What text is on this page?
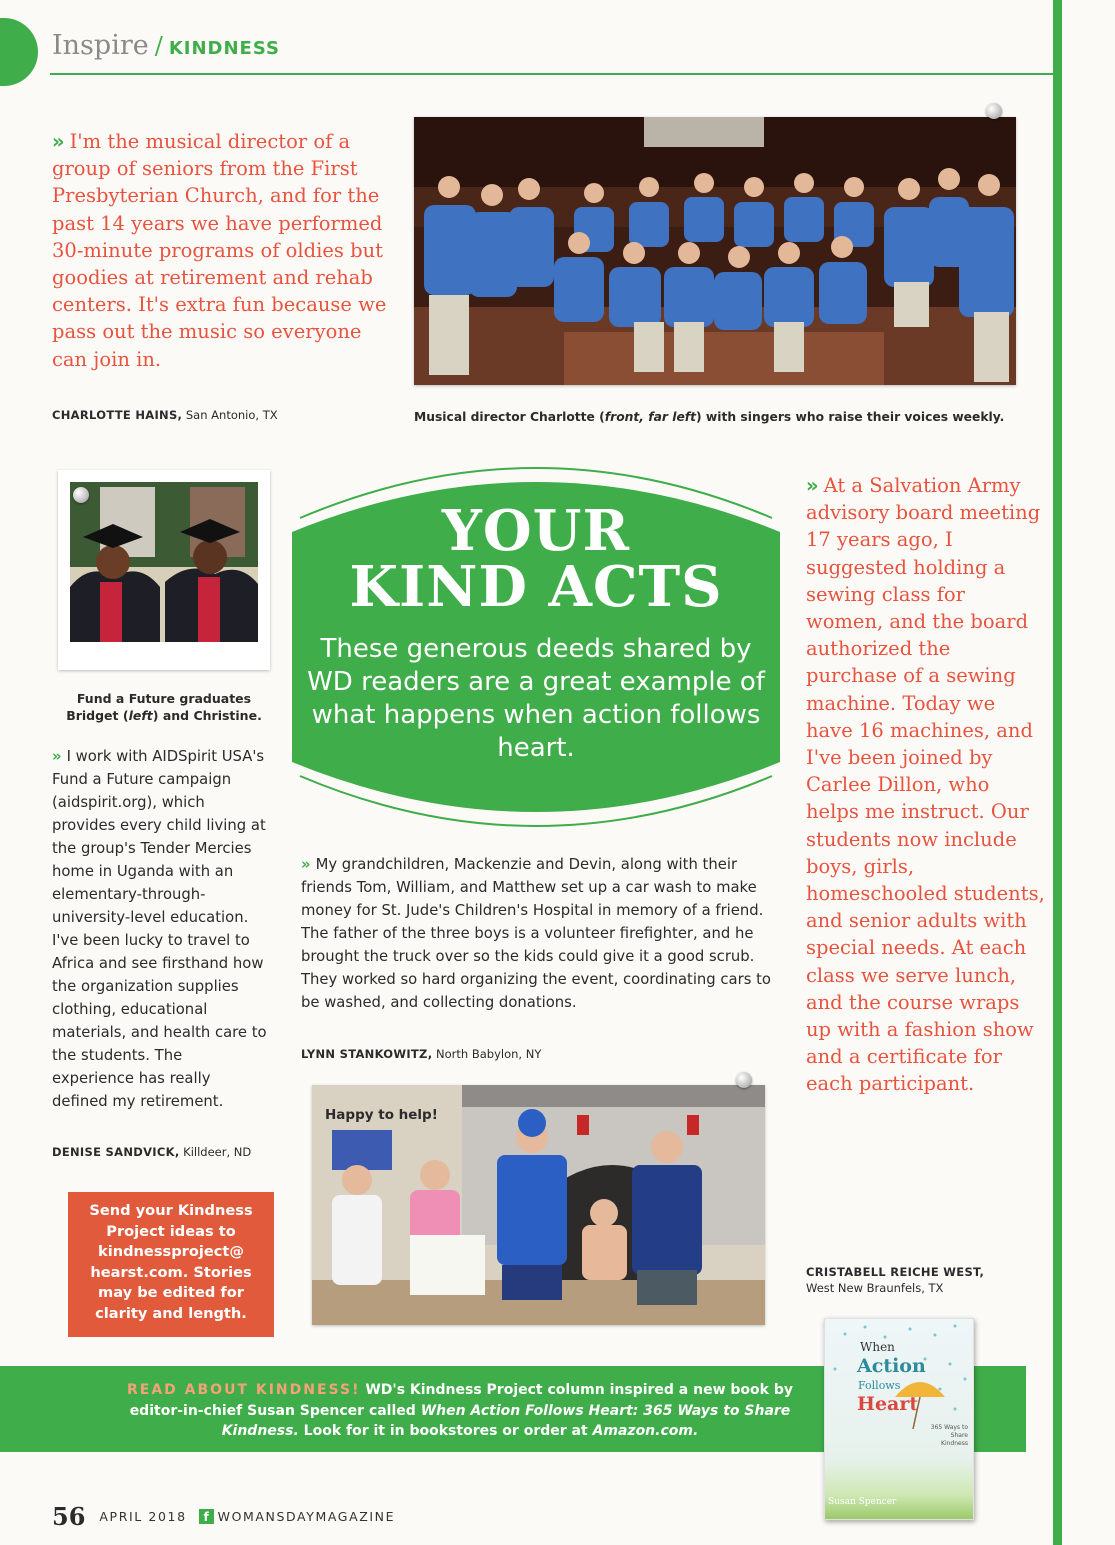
Inspire / KINDNESS
» I'm the musical director of a group of seniors from the First Presbyterian Church, and for the past 14 years we have performed 30-minute programs of oldies but goodies at retirement and rehab centers. It's extra fun because we pass out the music so everyone can join in.
CHARLOTTE HAINS, San Antonio, TX	Musical director Charlotte (front, far left) with singers who raise their voices weekly.
Fund a Future graduates
Bridget (left) and Christine.
» I work with AIDSpirit USA's Fund a Future campaign (aidspirit.org), which provides every child living at the group's Tender Mercies home in Uganda with an elementary-through-university-level education. I've been lucky to travel to Africa and see firsthand how the organization supplies clothing, educational materials, and health care to the students. The experience has really defined my retirement.
DENISE SANDVICK, Killdeer, ND
Send your Kindness Project ideas to kindnessproject@ hearst.com. Stories may be edited for clarity and length.
YOUR
KIND ACTS
These generous deeds shared by WD readers are a great example of what happens when action follows heart.
» My grandchildren, Mackenzie and Devin, along with their friends Tom, William, and Matthew set up a car wash to make money for St. Jude's Children's Hospital in memory of a friend. The father of the three boys is a volunteer firefighter, and he brought the truck over so the kids could give it a good scrub. They worked so hard organizing the event, coordinating cars to be washed, and collecting donations.
LYNN STANKOWITZ, North Babylon, NY
Happy to help!
» At a Salvation Army advisory board meeting 17 years ago, I suggested holding a sewing class for women, and the board authorized the purchase of a sewing machine. Today we have 16 machines, and I've been joined by Carlee Dillon, who helps me instruct. Our students now include boys, girls, homeschooled students, and senior adults with special needs. At each class we serve lunch, and the course wraps up with a fashion show and a certificate for each participant.
CRISTABELL REICHE WEST,
West New Braunfels, TX
READ ABOUT KINDNESS! WD's Kindness Project column inspired a new book by editor-in-chief Susan Spencer called When Action Follows Heart: 365 Ways to Share Kindness. Look for it in bookstores or order at Amazon.com.
When
Action
Follows
Heart
365 Ways to Share Kindness
Susan Spencer
56 APRIL 2018	f WOMANSDAYMAGAZINE
